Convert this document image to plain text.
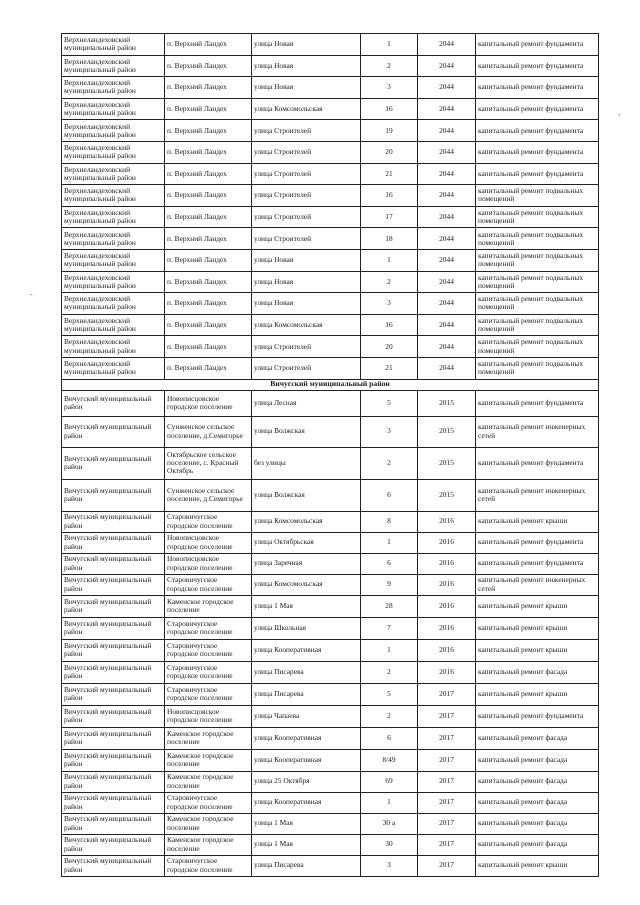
Верхнеландеховский муниципальный район	п. Верхний Ландех	улица Новая	1	2044	капитальный ремонт фундамента
Верхнеландеховский муниципальный район	п. Верхний Ландех	улица Новая	2	2044	капитальный ремонт фундамента
Верхнеландеховский муниципальный район	п. Верхний Ландех	улица Новая	3	2044	капитальный ремонт фундамента
Верхнеландеховский муниципальный район	п. Верхний Ландех	улица Комсомольская	16	2044	капитальный ремонт фундамента
Верхнеландеховский муниципальный район	п. Верхний Ландех	улица Строителей	19	2044	капитальный ремонт фундамента
Верхнеландеховский муниципальный район	п. Верхний Ландех	улица Строителей	20	2044	капитальный ремонт фундамента
Верхнеландеховский муниципальный район	п. Верхний Ландех	улица Строителей	21	2044	капитальный ремонт фундамента
Верхнеландеховский муниципальный район	п. Верхний Ландех	улица Строителей	16	2044	капитальный ремонт подвальных помещений
Верхнеландеховский муниципальный район	п. Верхний Ландех	улица Строителей	17	2044	капитальный ремонт подвальных помещений
Верхнеландеховский муниципальный район	п. Верхний Ландех	улица Строителей	18	2044	капитальный ремонт подвальных помещений
Верхнеландеховский муниципальный район	п. Верхний Ландех	улица Новая	1	2044	капитальный ремонт подвальных помещений
Верхнеландеховский муниципальный район	п. Верхний Ландех	улица Новая	2	2044	капитальный ремонт подвальных помещений
Верхнеландеховский муниципальный район	п. Верхний Ландех	улица Новая	3	2044	капитальный ремонт подвальных помещений
Верхнеландеховский муниципальный район	п. Верхний Ландех	улица Комсомольская	16	2044	капитальный ремонт подвальных помещений
Верхнеландеховский муниципальный район	п. Верхний Ландех	улица Строителей	20	2044	капитальный ремонт подвальных помещений
Верхнеландеховский муниципальный район	п. Верхний Ландех	улица Строителей	21	2044	капитальный ремонт подвальных помещений
Вичугский муниципальный район					
Вичугский муниципальный район	Новописцовское городское поселение	улица Лесная	5	2015	капитальный ремонт фундамента
Вичугский муниципальный район	Сунженское сельское поселение, д.Семигорье	улица Волжская	3	2015	капитальный ремонт инженерных сетей
Вичугский муниципальный район	Октябрьское сельское поселение, с. Красный Октябрь	без улицы	2	2015	капитальный ремонт фундамента
Вичугский муниципальный район	Сунженское сельское поселение, д.Семигорье	улица Волжская	6	2015	капитальный ремонт инженерных сетей
Вичугский муниципальный район	Старовичугское городское поселение	улица Комсомольская	8	2016	капитальный ремонт крыши
Вичугский муниципальный район	Новописцовское городское поселение	улица Октябрьская	1	2016	капитальный ремонт фундамента
Вичугский муниципальный район	Новописцовское городское поселение	улица Заречная	6	2016	капитальный ремонт фундамента
Вичугский муниципальный район	Старовичугское городское поселение	улица Комсомольская	9	2016	капитальный ремонт инженерных сетей
Вичугский муниципальный район	Каменское городское поселение	улица 1 Мая	28	2016	капитальный ремонт крыши
Вичугский муниципальный район	Старовичугское городское поселение	улица Школьная	7	2016	капитальный ремонт крыши
Вичугский муниципальный район	Старовичугское городское поселение	улица Кооперативная	1	2016	капитальный ремонт крыши
Вичугский муниципальный район	Старовичугское городское поселение	улица Писарева	2	2016	капитальный ремонт фасада
Вичугский муниципальный район	Старовичугское городское поселение	улица Писарева	5	2017	капитальный ремонт крыши
Вичугский муниципальный район	Новописцовское городское поселение	улица Чапаева	2	2017	капитальный ремонт фундамента
Вичугский муниципальный район	Каменское городское поселение	улица Кооперативная	6	2017	капитальный ремонт фасада
Вичугский муниципальный район	Каменское городское поселение	улица Кооперативная	8/49	2017	капитальный ремонт фасада
Вичугский муниципальный район	Каменское городское поселение	улица 25 Октября	69	2017	капитальный ремонт фасада
Вичугский муниципальный район	Старовичугское городское поселение	улица Кооперативная	1	2017	капитальный ремонт фасада
Вичугский муниципальный район	Каменское городское поселение	улица 1 Мая	30 а	2017	капитальный ремонт фасада
Вичугский муниципальный район	Каменское городское поселение	улица 1 Мая	30	2017	капитальный ремонт фасада
Вичугский муниципальный район	Старовичугское городское поселение	улица Писарева	3	2017	капитальный ремонт крыши
‚
-
